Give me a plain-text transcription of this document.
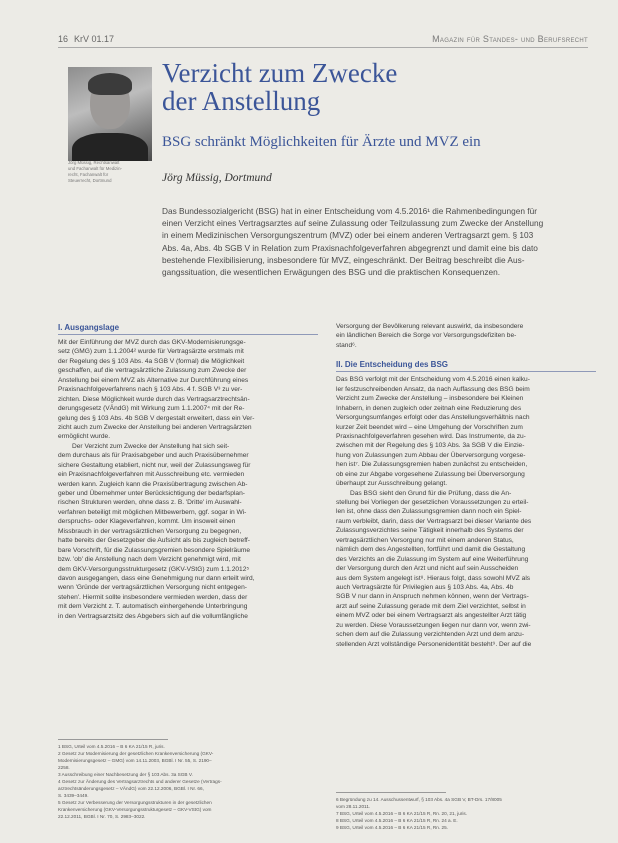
16 KrV 01.17	Magazin für Standes- und Berufsrecht
Jörg Müssig, Rechtsanwalt
und Fachanwalt für Medizin-
recht, Fachanwalt für
Steuerrecht, Dortmund
Verzicht zum Zwecke
der Anstellung
BSG schränkt Möglichkeiten für Ärzte und MVZ ein
Jörg Müssig, Dortmund
Das Bundessozialgericht (BSG) hat in einer Entscheidung vom 4.5.2016¹ die Rahmenbedingungen für
einen Verzicht eines Vertragsarztes auf seine Zulassung oder Teilzulassung zum Zwecke der Anstellung
in einem Medizinischen Versorgungszentrum (MVZ) oder bei einem anderen Vertragsarzt gem. § 103
Abs. 4a, Abs. 4b SGB V in Relation zum Praxisnachfolgeverfahren abgegrenzt und damit eine bis dato
bestehende Flexibilisierung, insbesondere für MVZ, eingeschränkt. Der Beitrag beschreibt die Aus-
gangssituation, die wesentlichen Erwägungen des BSG und die praktischen Konsequenzen.
I. Ausgangslage
Mit der Einführung der MVZ durch das GKV-Modernisierungsge-
setz (GMG) zum 1.1.2004² wurde für Vertragsärzte erstmals mit
der Regelung des § 103 Abs. 4a SGB V (formal) die Möglichkeit
geschaffen, auf die vertragsärztliche Zulassung zum Zwecke der
Anstellung bei einem MVZ als Alternative zur Durchführung eines
Praxisnachfolgeverfahrens nach § 103 Abs. 4 f. SGB V³ zu ver-
zichten. Diese Möglichkeit wurde durch das Vertragsarztrechtsän-
derungsgesetz (VÄndG) mit Wirkung zum 1.1.2007⁴ mit der Re-
gelung des § 103 Abs. 4b SGB V dergestalt erweitert, dass ein Ver-
zicht auch zum Zwecke der Anstellung bei anderen Vertragsärzten
ermöglicht wurde.
Der Verzicht zum Zwecke der Anstellung hat sich seit-
dem durchaus als für Praxisabgeber und auch Praxisübernehmer
sichere Gestaltung etabliert, nicht nur, weil der Zulassungsweg für
ein Praxisnachfolgeverfahren mit Ausschreibung etc. vermieden
werden kann. Zugleich kann die Praxisübertragung zwischen Ab-
geber und Übernehmer unter Berücksichtigung der bedarfsplan-
rischen Strukturen werden, ohne dass z. B. 'Dritte' im Auswahl-
verfahren beteiligt mit möglichen Mitbewerbern, ggf. sogar in Wi-
derspruchs- oder Klageverfahren, kommt. Um insoweit einen
Missbrauch in der vertragsärztlichen Versorgung zu begegnen,
hatte bereits der Gesetzgeber die Aufsicht als bis zugleich betreff-
bare Vorschrift, für die Zulassungsgremien besondere Spielräume
bzw. 'ob' die Anstellung nach dem Verzicht genehmigt wird, mit
dem GKV-Versorgungsstrukturgesetz (GKV-VStG) zum 1.1.2012⁵
davon ausgegangen, dass eine Genehmigung nur dann erteilt wird,
wenn 'Gründe der vertragsärztlichen Versorgung nicht entgegen-
stehen'. Hiermit sollte insbesondere vermieden werden, dass der
mit dem Verzicht z. T. automatisch einhergehende Unterbringung
in den Vertragsarztsitz des Abgebers sich auf die vollumfängliche
1 BSG, Urteil vom 4.5.2016 – B 6 KA 21/15 R, juris.
2 Gesetz zur Modernisierung der gesetzlichen Krankenversicherung (GKV-
Modernisierungsgesetz – GMG) vom 14.11.2003, BGBl. I Nr. 55, S. 2190–
2258.
3 Ausschreibung einer Nachbesetzung der § 103 Abs. 3a SGB V.
4 Gesetz zur Änderung des Vertragsarztrechts und anderer Gesetze (Vertrags-
arztrechtsänderungsgesetz – VÄndG) vom 22.12.2006, BGBl. I Nr. 66,
S. 3439–3449.
5 Gesetz zur Verbesserung der Versorgungsstrukturen in der gesetzlichen
Krankenversicherung (GKV-Versorgungsstrukturgesetz – GKV-VStG) vom
22.12.2011, BGBl. I Nr. 70, S. 2983–3022.
Versorgung der Bevölkerung relevant auswirkt, da insbesondere
ein ländlichen Bereich die Sorge vor Versorgungsdefiziten be-
stand⁶.
II. Die Entscheidung des BSG
Das BSG verfolgt mit der Entscheidung vom 4.5.2016 einen kalku-
ler festzuschreibenden Ansatz, da nach Auffassung des BSG beim
Verzicht zum Zwecke der Anstellung – insbesondere bei Kleinen
Inhabern, in denen zugleich oder zeitnah eine Reduzierung des
Versorgungsumfanges erfolgt oder das Anstellungsverhältnis nach
kurzer Zeit beendet wird – eine Umgehung der Vorschriften zum
Praxisnachfolgeverfahren gesehen wird. Das Instrumente, da zu-
zwischen mit der Regelung des § 103 Abs. 3a SGB V die Einzie-
hung von Zulassungen zum Abbau der Überversorgung vorgese-
hen ist⁷. Die Zulassungsgremien haben zunächst zu entscheiden,
ob eine zur Abgabe vorgesehene Zulassung bei Überversorgung
überhaupt zur Ausschreibung gelangt.
Das BSG sieht den Grund für die Prüfung, dass die An-
stellung bei Vorliegen der gesetzlichen Voraussetzungen zu erteil-
len ist, ohne dass den Zulassungsgremien dann noch ein Spiel-
raum verbleibt, darin, dass der Vertragsarzt bei dieser Variante des
Zulassungsverzichtes seine Tätigkeit innerhalb des Systems der
vertragsärztlichen Versorgung nur mit einem anderen Status,
nämlich dem des Angestellten, fortführt und damit die Gestaltung
des Verzichts an die Zulassung im System auf eine Weiterführung
der Versorgung durch den Arzt und nicht auf sein Ausscheiden
aus dem System angelegt ist⁸. Hieraus folgt, dass sowohl MVZ als
auch Vertragsärzte für Privilegien aus § 103 Abs. 4a, Abs. 4b
SGB V nur dann in Anspruch nehmen können, wenn der Vertrags-
arzt auf seine Zulassung gerade mit dem Ziel verzichtet, selbst in
einem MVZ oder bei einem Vertragsarzt als angestellter Arzt tätig
zu werden. Diese Voraussetzungen liegen nur dann vor, wenn zwi-
schen dem auf die Zulassung verzichtenden Arzt und dem anzu-
stellenden Arzt vollständige Personenidentität besteht⁹. Der auf die
6 Begründung zu 14. Ausschussentwurf, § 103 Abs. 4a SGB V, BT-Drs. 17/8005
vom 28.11.2011.
7 BSG, Urteil vom 4.5.2016 – B 6 KA 21/15 R, Rn. 20, 21, juris.
8 BSG, Urteil vom 4.5.2016 – B 6 KA 21/15 R, Rn. 24 a. E.
9 BSG, Urteil vom 4.5.2016 – B 6 KA 21/15 R, Rn. 25.
